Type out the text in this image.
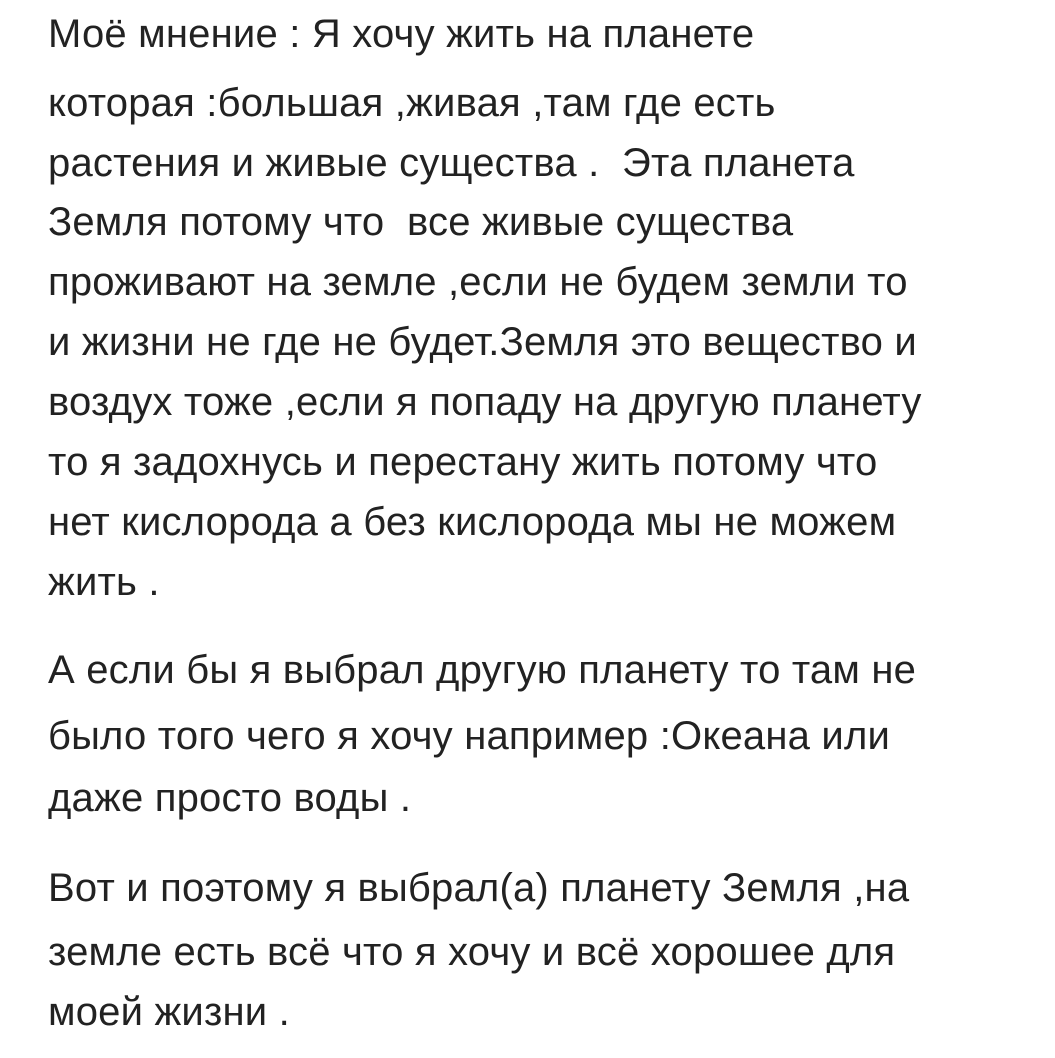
Моё мнение : Я хочу жить на планете
которая :большая ,живая ,там где есть
растения и живые существа .  Эта планета
Земля потому что  все живые существа
проживают на земле ,если не будем земли то
и жизни не где не будет.Земля это вещество и
воздух тоже ,если я попаду на другую планету
то я задохнусь и перестану жить потому что
нет кислорода а без кислорода мы не можем
жить .
А если бы я выбрал другую планету то там не
было того чего я хочу например :Океана или
даже просто воды .
Вот и поэтому я выбрал(а) планету Земля ,на
земле есть всё что я хочу и всё хорошее для
моей жизни .
